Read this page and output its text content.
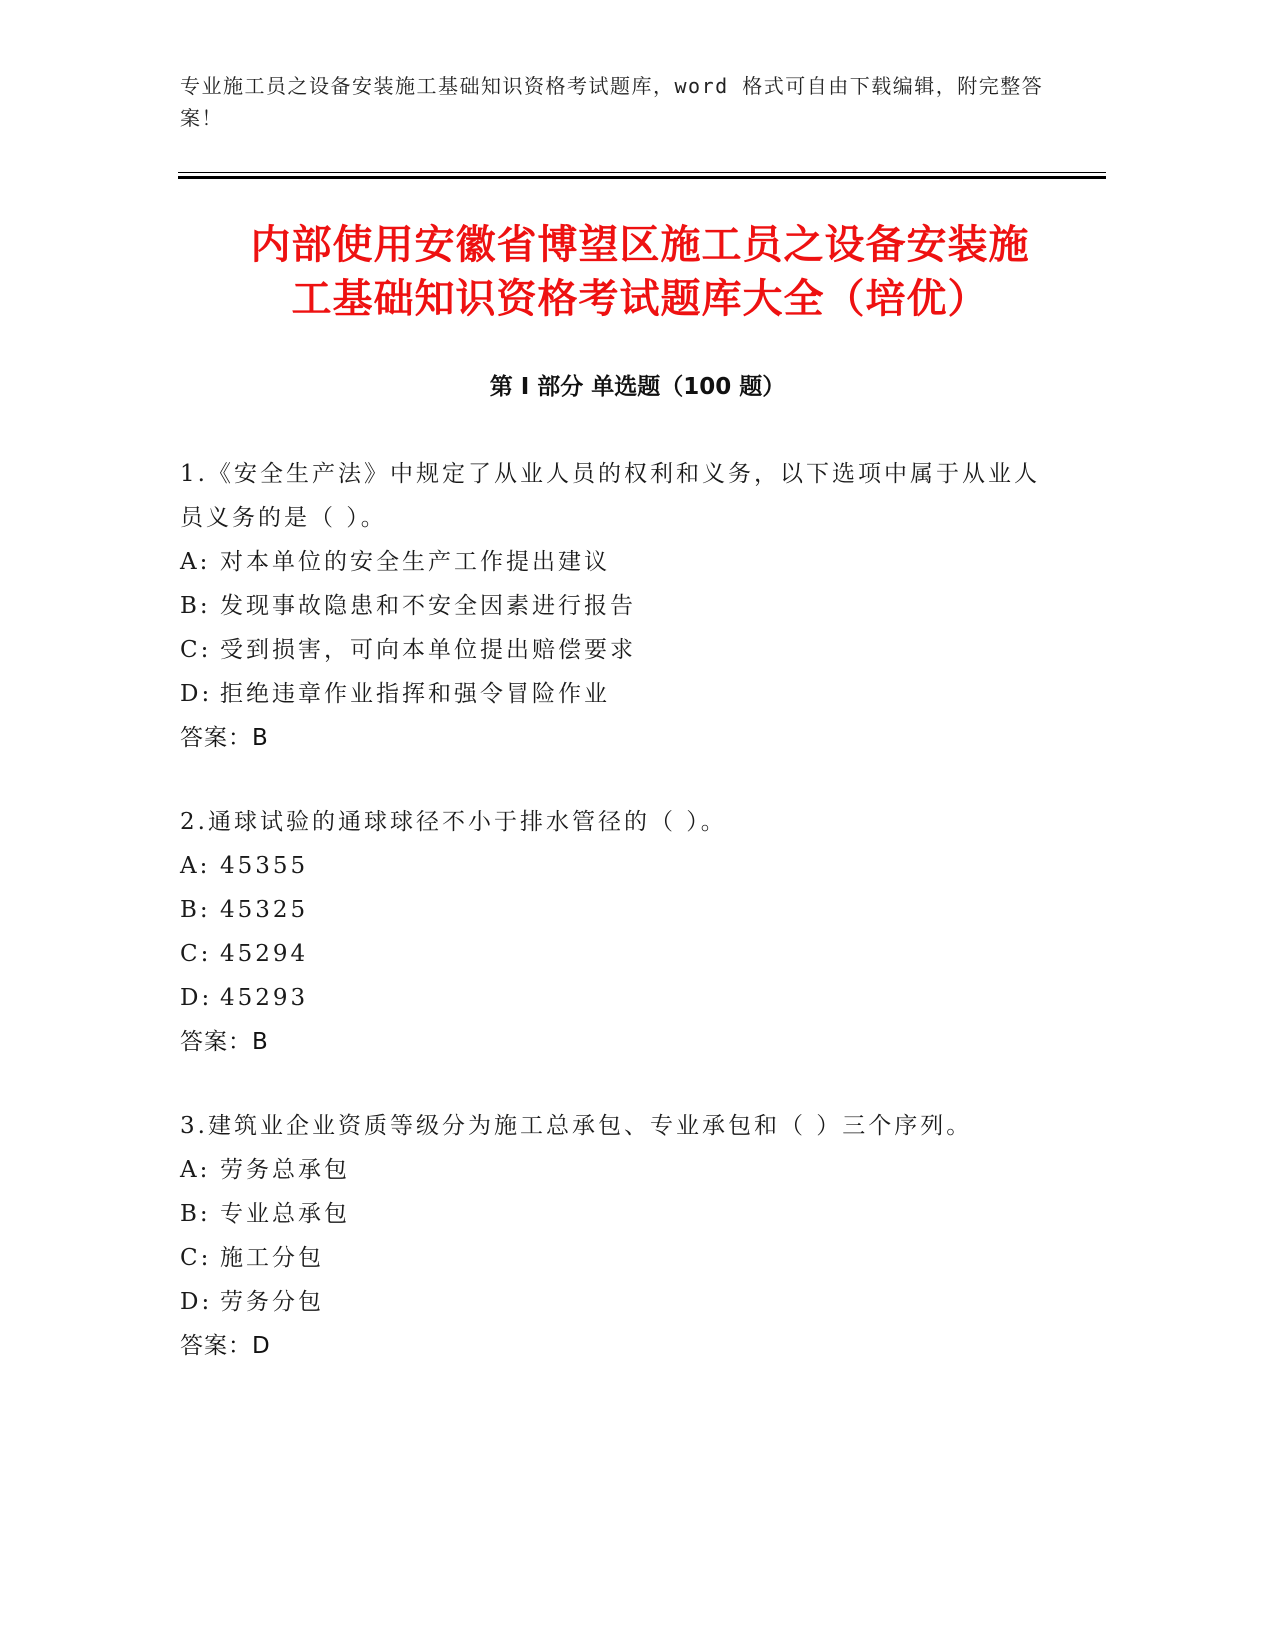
专业施工员之设备安装施工基础知识资格考试题库，word 格式可自由下载编辑，附完整答案！
内部使用安徽省博望区施工员之设备安装施
工基础知识资格考试题库大全（培优）
第 I 部分 单选题（100 题）
1.《安全生产法》中规定了从业人员的权利和义务，以下选项中属于从业人员义务的是（ ）。
A: 对本单位的安全生产工作提出建议
B: 发现事故隐患和不安全因素进行报告
C: 受到损害，可向本单位提出赔偿要求
D: 拒绝违章作业指挥和强令冒险作业
答案：B
2.通球试验的通球球径不小于排水管径的（ ）。
A: 45355
B: 45325
C: 45294
D: 45293
答案：B
3.建筑业企业资质等级分为施工总承包、专业承包和（ ）三个序列。
A: 劳务总承包
B: 专业总承包
C: 施工分包
D: 劳务分包
答案：D
